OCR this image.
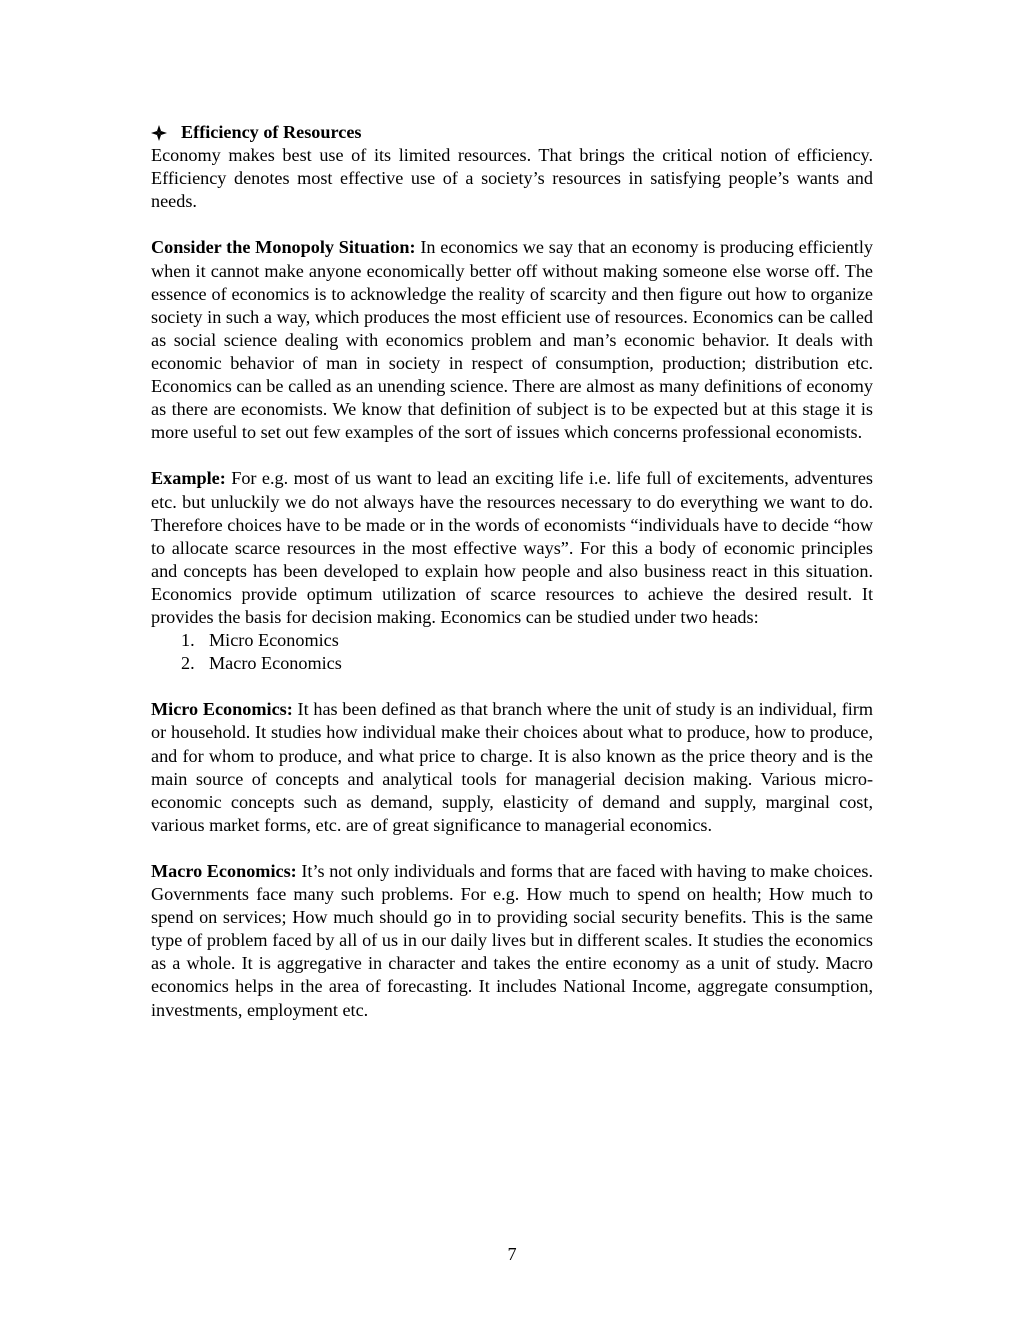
Efficiency of Resources

Economy makes best use of its limited resources. That brings the critical notion of efficiency. Efficiency denotes most effective use of a society’s resources in satisfying people’s wants and needs.

Consider the Monopoly Situation: In economics we say that an economy is producing efficiently when it cannot make anyone economically better off without making someone else worse off. The essence of economics is to acknowledge the reality of scarcity and then figure out how to organize society in such a way, which produces the most efficient use of resources. Economics can be called as social science dealing with economics problem and man’s economic behavior. It deals with economic behavior of man in society in respect of consumption, production; distribution etc. Economics can be called as an unending science. There are almost as many definitions of economy as there are economists. We know that definition of subject is to be expected but at this stage it is more useful to set out few examples of the sort of issues which concerns professional economists.

Example: For e.g. most of us want to lead an exciting life i.e. life full of excitements, adventures etc. but unluckily we do not always have the resources necessary to do everything we want to do. Therefore choices have to be made or in the words of economists “individuals have to decide “how to allocate scarce resources in the most effective ways”. For this a body of economic principles and concepts has been developed to explain how people and also business react in this situation. Economics provide optimum utilization of scarce resources to achieve the desired result. It provides the basis for decision making. Economics can be studied under two heads:

1. Micro Economics
2. Macro Economics

Micro Economics: It has been defined as that branch where the unit of study is an individual, firm or household. It studies how individual make their choices about what to produce, how to produce, and for whom to produce, and what price to charge. It is also known as the price theory and is the main source of concepts and analytical tools for managerial decision making. Various micro-economic concepts such as demand, supply, elasticity of demand and supply, marginal cost, various market forms, etc. are of great significance to managerial economics.

Macro Economics: It’s not only individuals and forms that are faced with having to make choices. Governments face many such problems. For e.g. How much to spend on health; How much to spend on services; How much should go in to providing social security benefits. This is the same type of problem faced by all of us in our daily lives but in different scales. It studies the economics as a whole. It is aggregative in character and takes the entire economy as a unit of study. Macro economics helps in the area of forecasting. It includes National Income, aggregate consumption, investments, employment etc.

7
